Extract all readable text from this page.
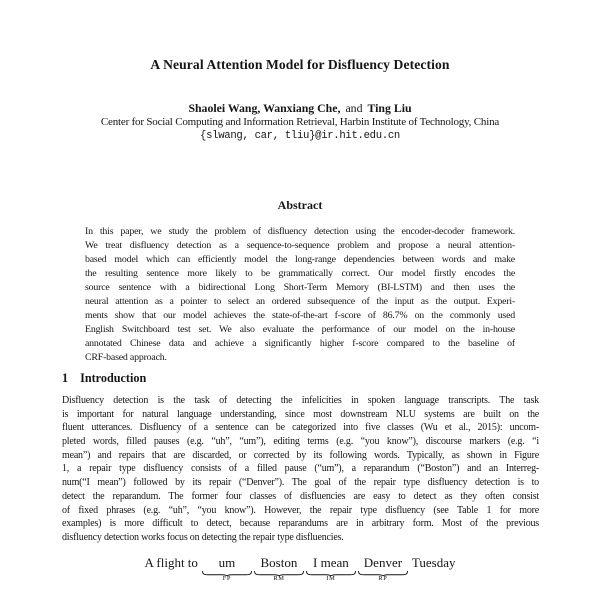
A Neural Attention Model for Disfluency Detection
Shaolei Wang, Wanxiang Che, and Ting Liu
Center for Social Computing and Information Retrieval, Harbin Institute of Technology, China
{slwang, car, tliu}@ir.hit.edu.cn
Abstract
In this paper, we study the problem of disfluency detection using the encoder-decoder framework.
We treat disfluency detection as a sequence-to-sequence problem and propose a neural attention-
based model which can efficiently model the long-range dependencies between words and make
the resulting sentence more likely to be grammatically correct. Our model firstly encodes the
source sentence with a bidirectional Long Short-Term Memory (BI-LSTM) and then uses the
neural attention as a pointer to select an ordered subsequence of the input as the output. Experi-
ments show that our model achieves the state-of-the-art f-score of 86.7% on the commonly used
English Switchboard test set. We also evaluate the performance of our model on the in-house
annotated Chinese data and achieve a significantly higher f-score compared to the baseline of
CRF-based approach.
1 Introduction
Disfluency detection is the task of detecting the infelicities in spoken language transcripts. The task
is important for natural language understanding, since most downstream NLU systems are built on the
fluent utterances. Disfluency of a sentence can be categorized into five classes (Wu et al., 2015): uncom-
pleted words, filled pauses (e.g. “uh”, “um”), editing terms (e.g. “you know”), discourse markers (e.g. “i
mean”) and repairs that are discarded, or corrected by its following words. Typically, as shown in Figure
1, a repair type disfluency consists of a filled pause (“um”), a reparandum (“Boston”) and an Interreg-
num(“I mean”) followed by its repair (“Denver”). The goal of the repair type disfluency detection is to
detect the reparandum. The former four classes of disfluencies are easy to detect as they often consist
of fixed phrases (e.g. “uh”, “you know”). However, the repair type disfluency (see Table 1 for more
examples) is more difficult to detect, because reparandums are in arbitrary form. Most of the previous
disfluency detection works focus on detecting the repair type disfluencies.
A flight to um
FP
Boston
RM
I mean
IM
Denver
RP
Tuesday
